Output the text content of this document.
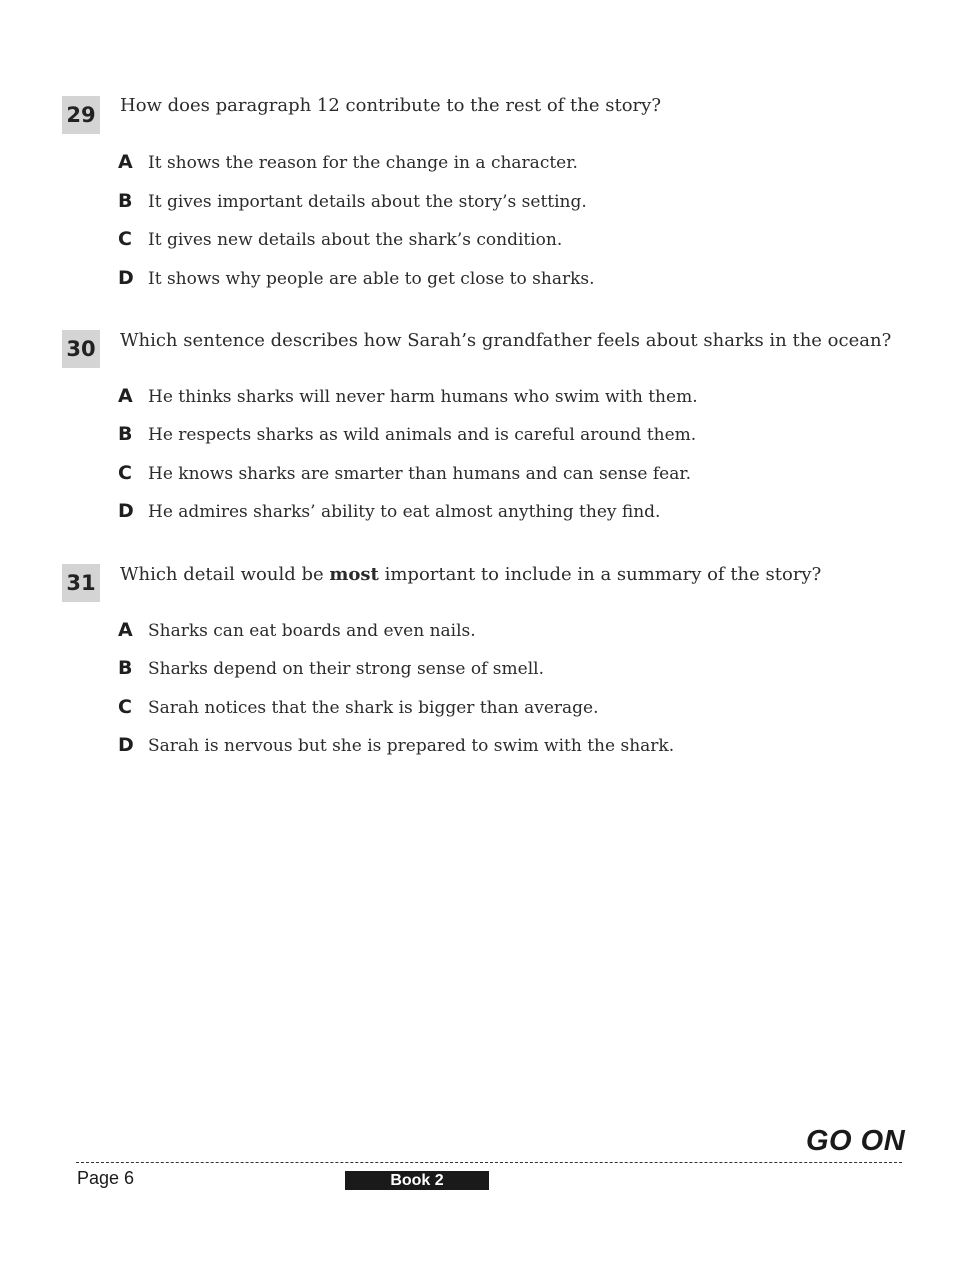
29 How does paragraph 12 contribute to the rest of the story?
A It shows the reason for the change in a character.
B It gives important details about the story’s setting.
C It gives new details about the shark’s condition.
D It shows why people are able to get close to sharks.
30 Which sentence describes how Sarah’s grandfather feels about sharks in the ocean?
A He thinks sharks will never harm humans who swim with them.
B He respects sharks as wild animals and is careful around them.
C He knows sharks are smarter than humans and can sense fear.
D He admires sharks’ ability to eat almost anything they find.
31 Which detail would be most important to include in a summary of the story?
A Sharks can eat boards and even nails.
B Sharks depend on their strong sense of smell.
C Sarah notices that the shark is bigger than average.
D Sarah is nervous but she is prepared to swim with the shark.
GO ON
Page 6	Book 2
